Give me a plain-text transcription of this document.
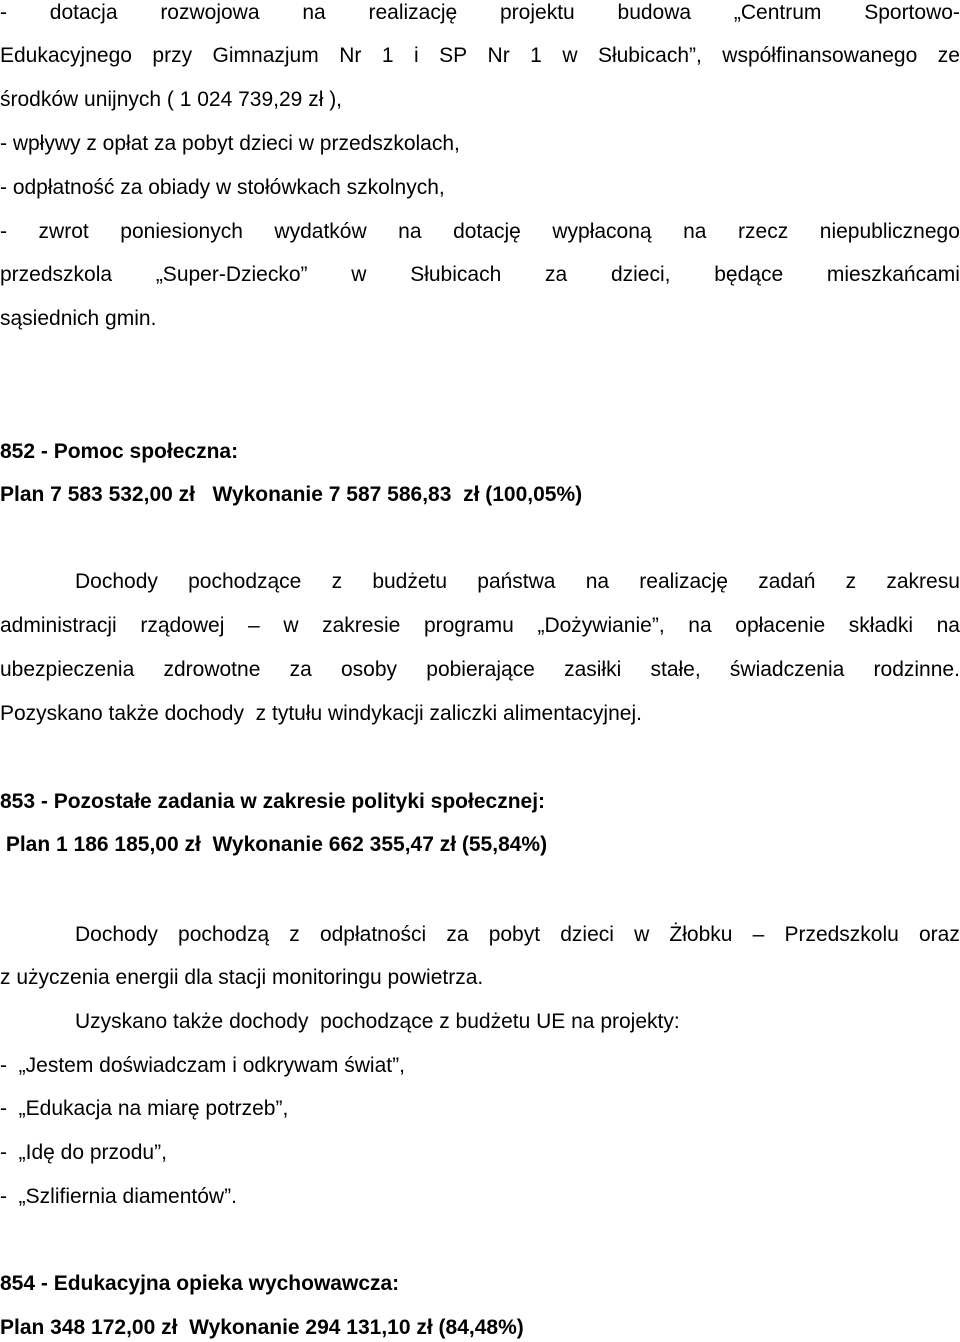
- dotacja rozwojowa na realizację projektu budowa „Centrum Sportowo-
Edukacyjnego przy Gimnazjum Nr 1 i SP Nr 1 w Słubicach”, współfinansowanego ze
środków unijnych ( 1 024 739,29 zł ),
- wpływy z opłat za pobyt dzieci w przedszkolach,
- odpłatność za obiady w stołówkach szkolnych,
- zwrot poniesionych wydatków na dotację wypłaconą na rzecz niepublicznego
przedszkola „Super-Dziecko” w Słubicach za dzieci, będące mieszkańcami
sąsiednich gmin.
852 - Pomoc społeczna:
Plan 7 583 532,00 zł   Wykonanie 7 587 586,83  zł (100,05%)
Dochody pochodzące z budżetu państwa na realizację zadań z zakresu
administracji rządowej – w zakresie programu „Dożywianie”, na opłacenie składki na
ubezpieczenia zdrowotne za osoby pobierające zasiłki stałe, świadczenia rodzinne.
Pozyskano także dochody  z tytułu windykacji zaliczki alimentacyjnej.
853 - Pozostałe zadania w zakresie polityki społecznej:
Plan 1 186 185,00 zł  Wykonanie 662 355,47 zł (55,84%)
Dochody pochodzą z odpłatności za pobyt dzieci w Żłobku – Przedszkolu oraz
z użyczenia energii dla stacji monitoringu powietrza.
Uzyskano także dochody  pochodzące z budżetu UE na projekty:
-  „Jestem doświadczam i odkrywam świat”,
-  „Edukacja na miarę potrzeb”,
-  „Idę do przodu”,
-  „Szlifiernia diamentów”.
854 - Edukacyjna opieka wychowawcza:
Plan 348 172,00 zł  Wykonanie 294 131,10 zł (84,48%)
